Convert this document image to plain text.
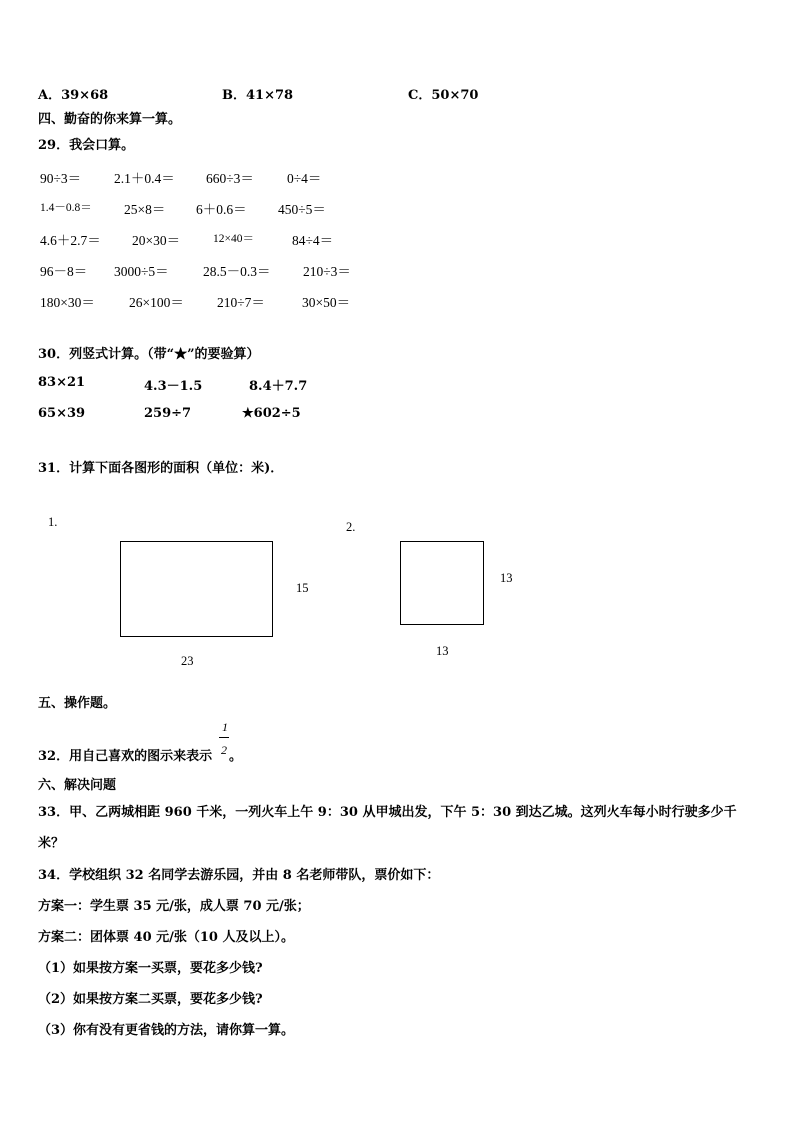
A．39×68	B．41×78	C．50×70
四、勤奋的你来算一算。
29．我会口算。
90÷3＝ 2.1＋0.4＝ 660÷3＝ 0÷4＝
1.4－0.8＝ 25×8＝ 6＋0.6＝ 450÷5＝
4.6＋2.7＝ 20×30＝	12×40＝	84÷4＝
96－8＝ 3000÷5＝	28.5－0.3＝ 210÷3＝
180×30＝	26×100＝ 210÷7＝	30×50＝
30．列竖式计算。（带“★”的要验算）
83×21	4.3－1.5	8.4＋7.7
65×39	259÷7	★602÷5
31．计算下面各图形的面积（单位：米)．
1.
15
23
2.
13
13
五、操作题。
32．用自己喜欢的图示来表示
1
2 。
六、解决问题
33．甲、乙两城相距 960 千米，一列火车上午 9：30 从甲城出发，下午 5：30 到达乙城。这列火车每小时行驶多少千
米？
34．学校组织 32 名同学去游乐园，并由 8 名老师带队，票价如下：
方案一：学生票 35 元/张，成人票 70 元/张；
方案二：团体票 40 元/张（10 人及以上）。
（1）如果按方案一买票，要花多少钱?
（2）如果按方案二买票，要花多少钱?
（3）你有没有更省钱的方法，请你算一算。
